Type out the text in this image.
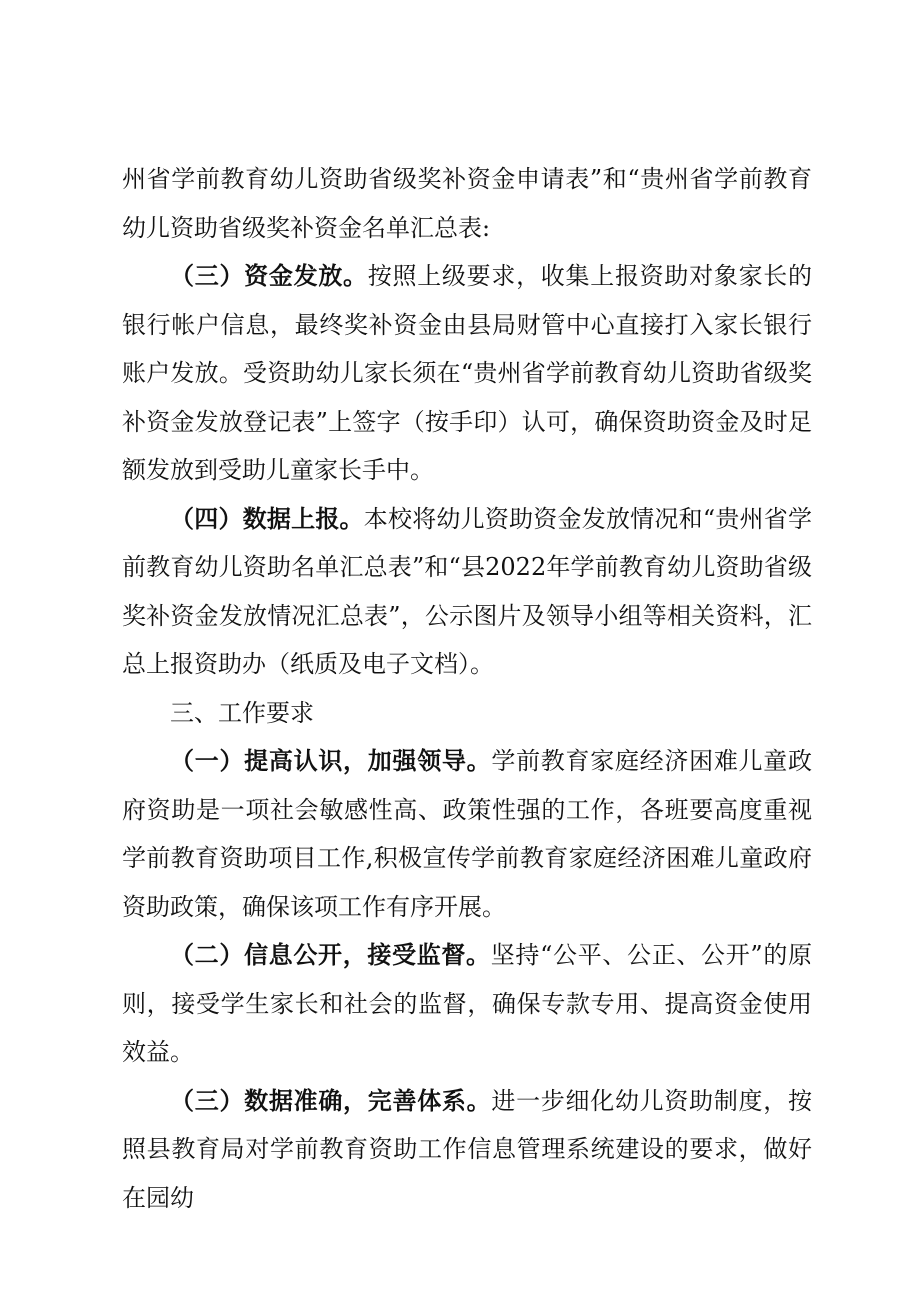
州省学前教育幼儿资助省级奖补资金申请表”和“贵州省学前教育幼儿资助省级奖补资金名单汇总表:

（三）资金发放。按照上级要求，收集上报资助对象家长的银行帐户信息，最终奖补资金由县局财管中心直接打入家长银行账户发放。受资助幼儿家长须在“贵州省学前教育幼儿资助省级奖补资金发放登记表”上签字（按手印）认可，确保资助资金及时足额发放到受助儿童家长手中。

（四）数据上报。本校将幼儿资助资金发放情况和“贵州省学前教育幼儿资助名单汇总表”和“县2022年学前教育幼儿资助省级奖补资金发放情况汇总表”，公示图片及领导小组等相关资料，汇总上报资助办（纸质及电子文档）。

三、工作要求

（一）提高认识，加强领导。学前教育家庭经济困难儿童政府资助是一项社会敏感性高、政策性强的工作，各班要高度重视学前教育资助项目工作,积极宣传学前教育家庭经济困难儿童政府资助政策，确保该项工作有序开展。

（二）信息公开，接受监督。坚持“公平、公正、公开”的原则，接受学生家长和社会的监督，确保专款专用、提高资金使用效益。

（三）数据准确，完善体系。进一步细化幼儿资助制度，按照县教育局对学前教育资助工作信息管理系统建设的要求，做好在园幼
